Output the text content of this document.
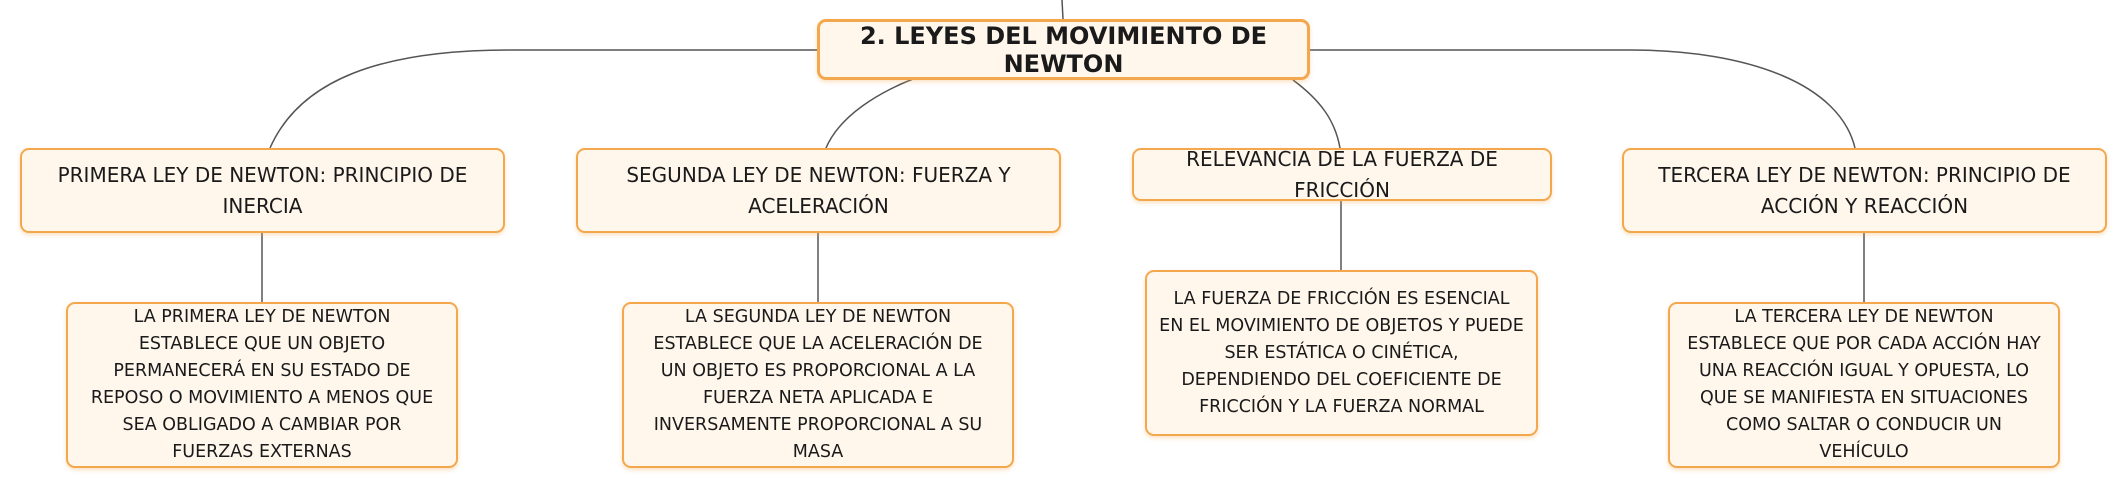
2. LEYES DEL MOVIMIENTO DE NEWTON
PRIMERA LEY DE NEWTON: PRINCIPIO DE INERCIA
SEGUNDA LEY DE NEWTON: FUERZA Y ACELERACIÓN
RELEVANCIA DE LA FUERZA DE FRICCIÓN
TERCERA LEY DE NEWTON: PRINCIPIO DE ACCIÓN Y REACCIÓN
LA PRIMERA LEY DE NEWTON ESTABLECE QUE UN OBJETO PERMANECERÁ EN SU ESTADO DE REPOSO O MOVIMIENTO A MENOS QUE SEA OBLIGADO A CAMBIAR POR FUERZAS EXTERNAS
LA SEGUNDA LEY DE NEWTON ESTABLECE QUE LA ACELERACIÓN DE UN OBJETO ES PROPORCIONAL A LA FUERZA NETA APLICADA E INVERSAMENTE PROPORCIONAL A SU MASA
LA FUERZA DE FRICCIÓN ES ESENCIAL EN EL MOVIMIENTO DE OBJETOS Y PUEDE SER ESTÁTICA O CINÉTICA, DEPENDIENDO DEL COEFICIENTE DE FRICCIÓN Y LA FUERZA NORMAL
LA TERCERA LEY DE NEWTON ESTABLECE QUE POR CADA ACCIÓN HAY UNA REACCIÓN IGUAL Y OPUESTA, LO QUE SE MANIFIESTA EN SITUACIONES COMO SALTAR O CONDUCIR UN VEHÍCULO
